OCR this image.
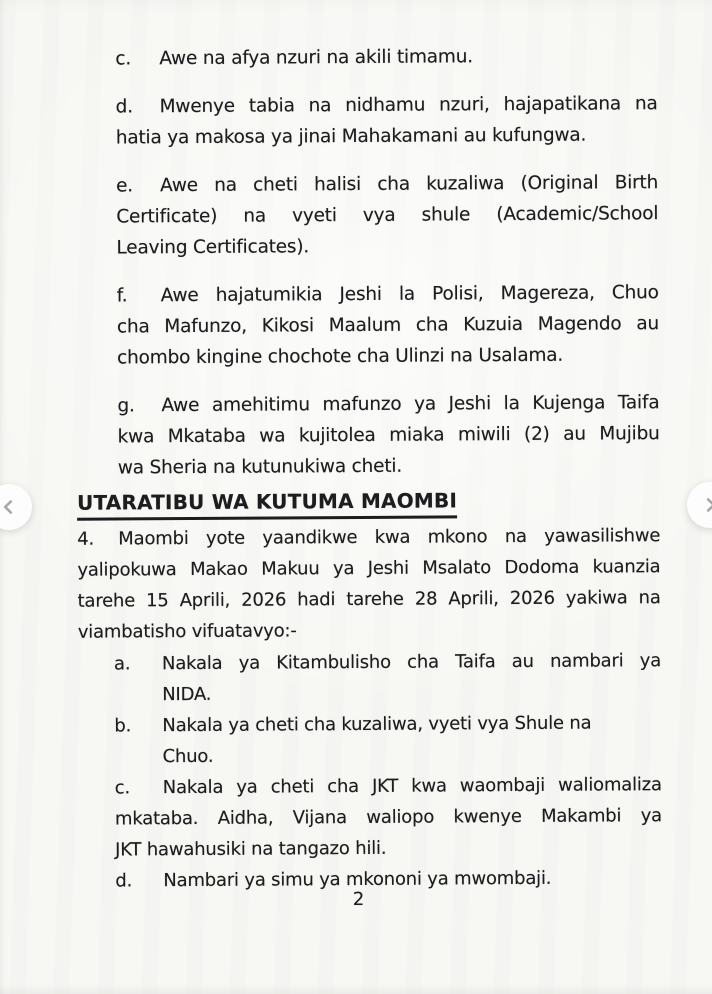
c. Awe na afya nzuri na akili timamu.
d. Mwenye tabia na nidhamu nzuri, hajapatikana na
hatia ya makosa ya jinai Mahakamani au kufungwa.
e. Awe na cheti halisi cha kuzaliwa (Original Birth
Certificate) na vyeti vya shule (Academic/School
Leaving Certificates).
f. Awe hajatumikia Jeshi la Polisi, Magereza, Chuo
cha Mafunzo, Kikosi Maalum cha Kuzuia Magendo au
chombo kingine chochote cha Ulinzi na Usalama.
g. Awe amehitimu mafunzo ya Jeshi la Kujenga Taifa
kwa Mkataba wa kujitolea miaka miwili (2) au Mujibu
wa Sheria na kutunukiwa cheti.
UTARATIBU WA KUTUMA MAOMBI
4. Maombi yote yaandikwe kwa mkono na yawasilishwe
yalipokuwa Makao Makuu ya Jeshi Msalato Dodoma kuanzia
tarehe 15 Aprili, 2026 hadi tarehe 28 Aprili, 2026 yakiwa na
viambatisho vifuatavyo:-
a. Nakala ya Kitambulisho cha Taifa au nambari ya
NIDA.
b. Nakala ya cheti cha kuzaliwa, vyeti vya Shule na
Chuo.
c. Nakala ya cheti cha JKT kwa waombaji waliomaliza
mkataba. Aidha, Vijana waliopo kwenye Makambi ya
JKT hawahusiki na tangazo hili.
d. Nambari ya simu ya mkononi ya mwombaji.
2
